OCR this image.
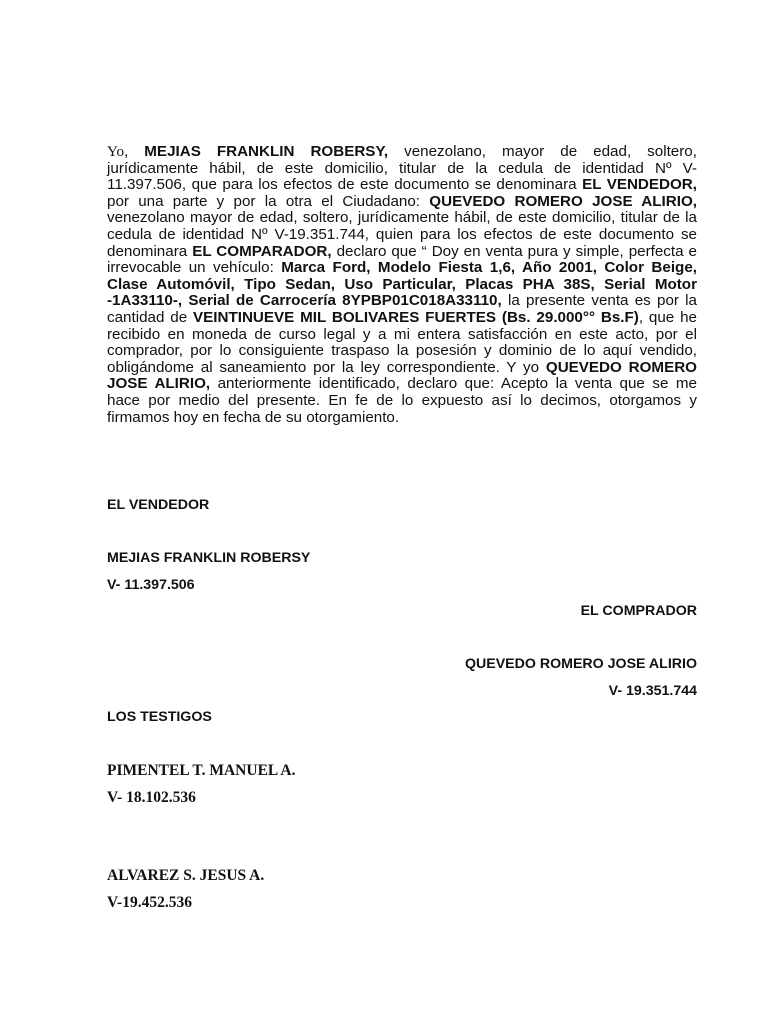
Yo, MEJIAS FRANKLIN ROBERSY, venezolano, mayor de edad, soltero, jurídicamente hábil, de este domicilio, titular de la cedula de identidad Nº V- 11.397.506, que para los efectos de este documento se denominara EL VENDEDOR, por una parte y por la otra el Ciudadano: QUEVEDO ROMERO JOSE ALIRIO, venezolano mayor de edad, soltero, jurídicamente hábil, de este domicilio, titular de la cedula de identidad Nº V-19.351.744, quien para los efectos de este documento se denominara EL COMPARADOR, declaro que “ Doy en venta pura y simple, perfecta e irrevocable un vehículo: Marca Ford, Modelo Fiesta 1,6, Año 2001, Color Beige, Clase Automóvil, Tipo Sedan, Uso Particular, Placas PHA 38S, Serial Motor -1A33110-, Serial de Carrocería 8YPBP01C018A33110, la presente venta es por la cantidad de VEINTINUEVE MIL BOLIVARES FUERTES (Bs. 29.000°° Bs.F), que he recibido en moneda de curso legal y a mi entera satisfacción en este acto, por el comprador, por lo consiguiente traspaso la posesión y dominio de lo aquí vendido, obligándome al saneamiento por la ley correspondiente. Y yo QUEVEDO ROMERO JOSE ALIRIO, anteriormente identificado, declaro que: Acepto la venta que se me hace por medio del presente. En fe de lo expuesto así lo decimos, otorgamos y firmamos hoy en fecha de su otorgamiento.

EL VENDEDOR

MEJIAS FRANKLIN ROBERSY

V- 11.397.506

EL COMPRADOR

QUEVEDO ROMERO JOSE ALIRIO

V- 19.351.744

LOS TESTIGOS

PIMENTEL T. MANUEL A.

V- 18.102.536

ALVAREZ S. JESUS A.

V-19.452.536
